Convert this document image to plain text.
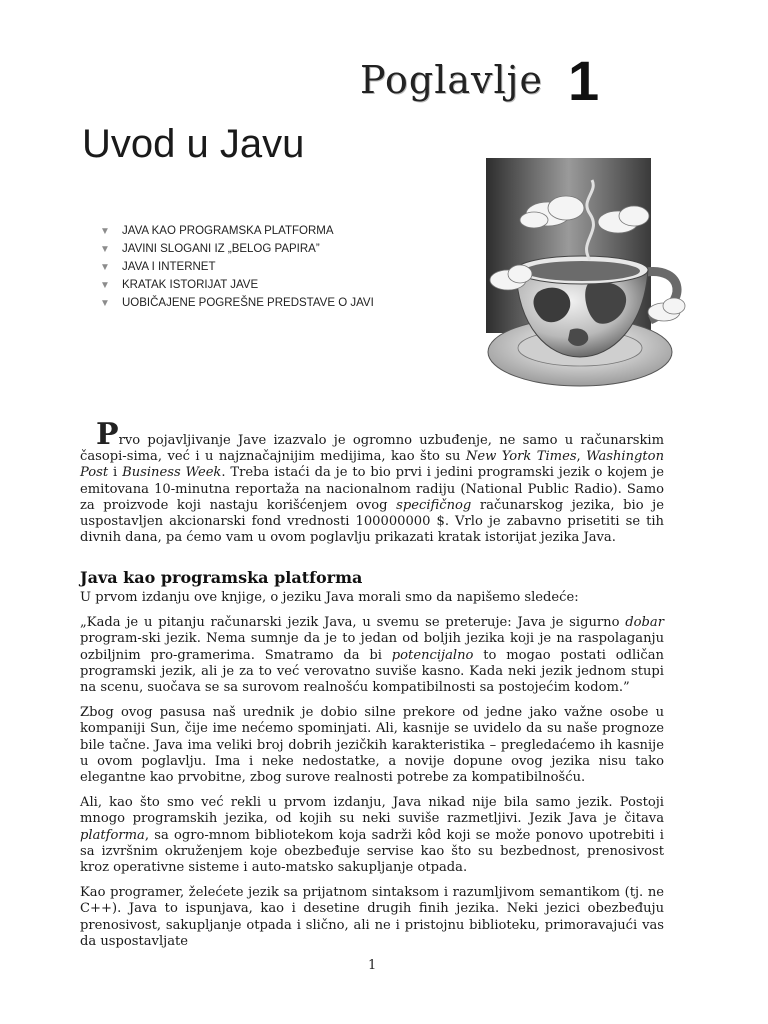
Poglavlje 1
Uvod u Javu
▼	JAVA KAO PROGRAMSKA PLATFORMA
▼	JAVINI SLOGANI IZ „BELOG PAPIRA”
▼	JAVA I INTERNET
▼	KRATAK ISTORIJAT JAVE
▼	UOBIČAJENE POGREŠNE PREDSTAVE O JAVI

Prvo pojavljivanje Jave izazvalo je ogromno uzbuđenje, ne samo u računarskim časopi-sima, već i u najznačajnijim medijima, kao što su New York Times, Washington Post i Business Week. Treba istaći da je to bio prvi i jedini programski jezik o kojem je emitovana 10-minutna reportaža na nacionalnom radiju (National Public Radio). Samo za proizvode koji nastaju korišćenjem ovog specifičnog računarskog jezika, bio je uspostavljen akcionarski fond vrednosti 100000000 $. Vrlo je zabavno prisetiti se tih divnih dana, pa ćemo vam u ovom poglavlju prikazati kratak istorijat jezika Java.

Java kao programska platforma

U prvom izdanju ove knjige, o jeziku Java morali smo da napišemo sledeće:

„Kada je u pitanju računarski jezik Java, u svemu se preteruje: Java je sigurno dobar program-ski jezik. Nema sumnje da je to jedan od boljih jezika koji je na raspolaganju ozbiljnim pro-gramerima. Smatramo da bi potencijalno to mogao postati odličan programski jezik, ali je za to već verovatno suviše kasno. Kada neki jezik jednom stupi na scenu, suočava se sa surovom realnošću kompatibilnosti sa postojećim kodom.”

Zbog ovog pasusa naš urednik je dobio silne prekore od jedne jako važne osobe u kompaniji Sun, čije ime nećemo spominjati. Ali, kasnije se uvidelo da su naše prognoze bile tačne. Java ima veliki broj dobrih jezičkih karakteristika – pregledaćemo ih kasnije u ovom poglavlju. Ima i neke nedostatke, a novije dopune ovog jezika nisu tako elegantne kao prvobitne, zbog surove realnosti potrebe za kompatibilnošću.

Ali, kao što smo već rekli u prvom izdanju, Java nikad nije bila samo jezik. Postoji mnogo programskih jezika, od kojih su neki suviše razmetljivi. Jezik Java je čitava platforma, sa ogro-mnom bibliotekom koja sadrži kôd koji se može ponovo upotrebiti i sa izvršnim okruženjem koje obezbeđuje servise kao što su bezbednost, prenosivost kroz operativne sisteme i auto-matsko sakupljanje otpada.

Kao programer, želećete jezik sa prijatnom sintaksom i razumljivom semantikom (tj. ne C++). Java to ispunjava, kao i desetine drugih finih jezika. Neki jezici obezbeđuju prenosivost, sakupljanje otpada i slično, ali ne i pristojnu biblioteku, primoravajući vas da uspostavljate

1
